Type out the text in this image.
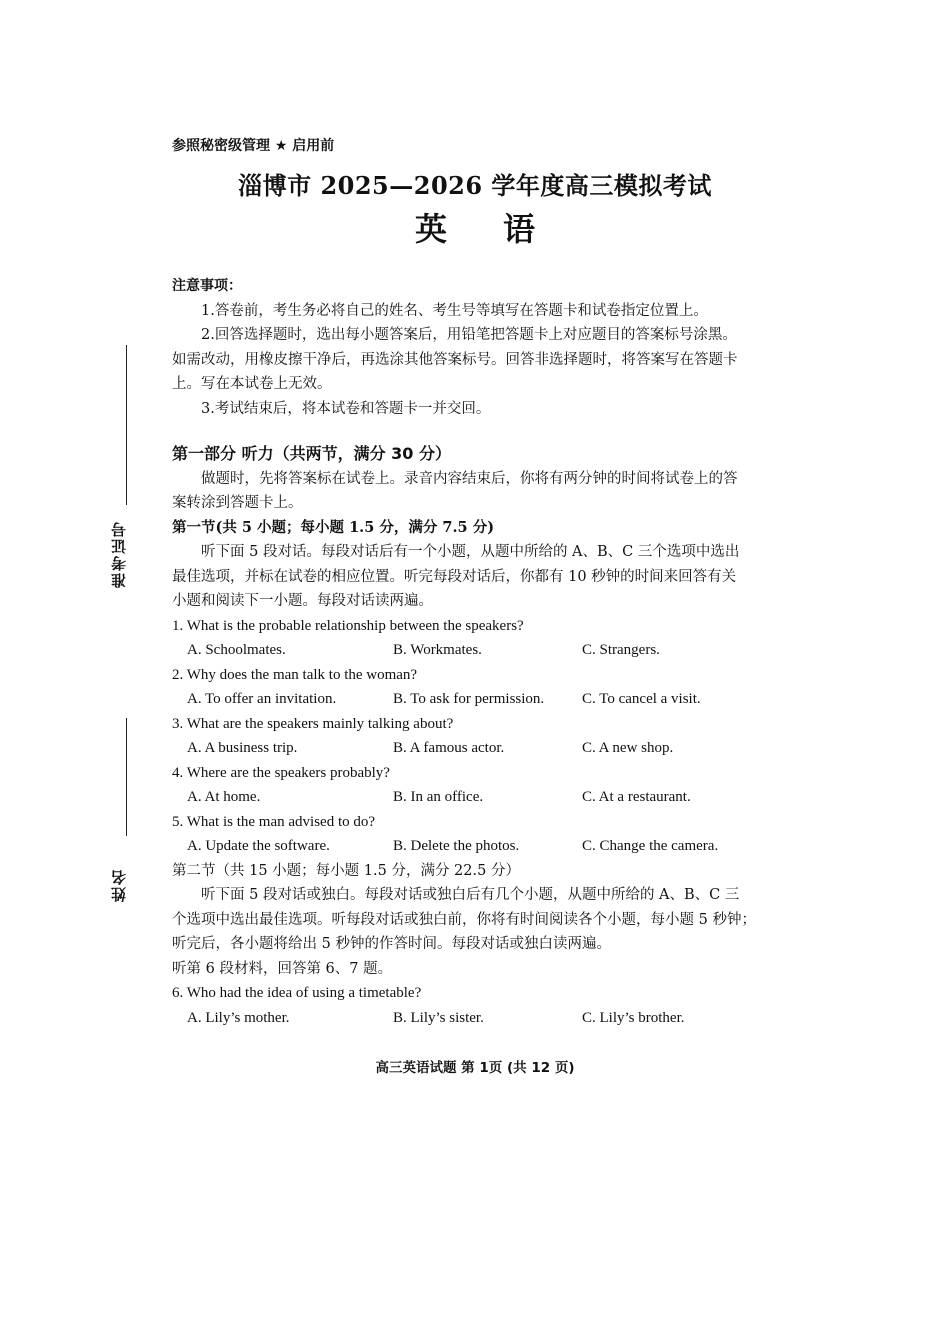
参照秘密级管理 ★ 启用前
淄博市 2025—2026 学年度高三模拟考试
英 语
准考证号
姓名

注意事项：

1.答卷前，考生务必将自己的姓名、考生号等填写在答题卡和试卷指定位置上。

2.回答选择题时，选出每小题答案后，用铅笔把答题卡上对应题目的答案标号涂黑。

如需改动，用橡皮擦干净后，再选涂其他答案标号。回答非选择题时，将答案写在答题卡

上。写在本试卷上无效。

3.考试结束后，将本试卷和答题卡一并交回。

第一部分 听力（共两节，满分 30 分）

做题时，先将答案标在试卷上。录音内容结束后，你将有两分钟的时间将试卷上的答

案转涂到答题卡上。

第一节(共 5 小题；每小题 1.5 分，满分 7.5 分)

听下面 5 段对话。每段对话后有一个小题，从题中所给的 A、B、C 三个选项中选出

最佳选项，并标在试卷的相应位置。听完每段对话后，你都有 10 秒钟的时间来回答有关

小题和阅读下一小题。每段对话读两遍。

1. What is the probable relationship between the speakers?

A. Schoolmates.	B. Workmates.	C. Strangers.

2. Why does the man talk to the woman?

A. To offer an invitation.	B. To ask for permission.	C. To cancel a visit.

3. What are the speakers mainly talking about?

A. A business trip.	B. A famous actor.	C. A new shop.

4. Where are the speakers probably?

A. At home.	B. In an office.	C. At a restaurant.

5. What is the man advised to do?

A. Update the software.	B. Delete the photos.	C. Change the camera.

第二节（共 15 小题；每小题 1.5 分，满分 22.5 分）

听下面 5 段对话或独白。每段对话或独白后有几个小题，从题中所给的 A、B、C 三

个选项中选出最佳选项。听每段对话或独白前，你将有时间阅读各个小题，每小题 5 秒钟；

听完后，各小题将给出 5 秒钟的作答时间。每段对话或独白读两遍。

听第 6 段材料，回答第 6、7 题。

6. Who had the idea of using a timetable?

A. Lily’s mother.	B. Lily’s sister.	C. Lily’s brother.
高三英语试题 第 1页 (共 12 页)
